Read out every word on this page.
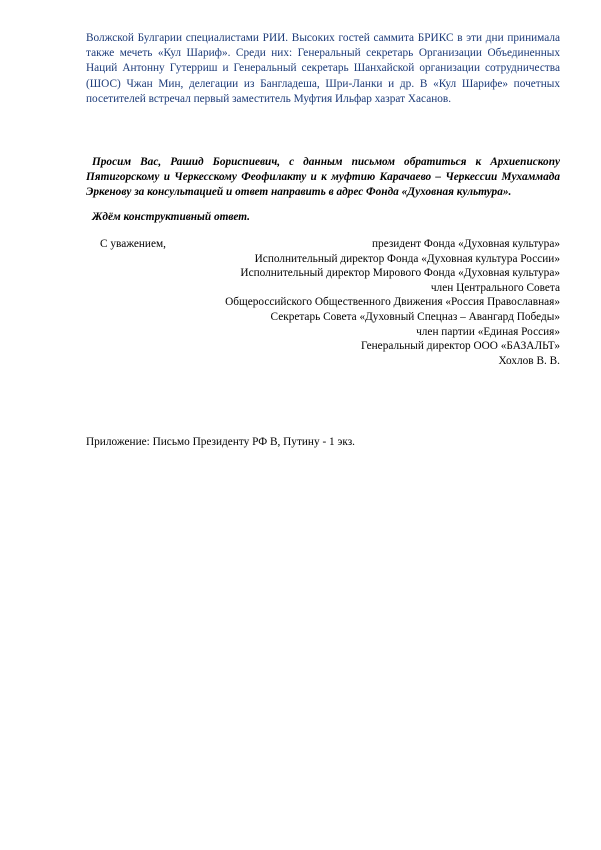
Волжской Булгарии специалистами РИИ. Высоких гостей саммита БРИКС в эти дни принимала также мечеть «Кул Шариф». Среди них: Генеральный секретарь Организации Объединенных Наций Антонну Гутерриш и Генеральный секретарь Шанхайской организации сотрудничества (ШОС) Чжан Мин, делегации из Бангладеша, Шри-Ланки и др. В «Кул Шарифе» почетных посетителей встречал первый заместитель Муфтия Ильфар хазрат Хасанов.

Просим Вас, Рашид Бориспиевич, с данным письмом обратиться к Архиепископу Пятигорскому и Черкесскому Феофилакту и к муфтию Карачаево – Черкессии Мухаммада Эркенову за консультацией и ответ направить в адрес Фонда «Духовная культура».

Ждём конструктивный ответ.

С уважением,	президент Фонда «Духовная культура»
Исполнительный директор Фонда «Духовная культура России»
Исполнительный директор Мирового Фонда «Духовная культура»
член Центрального Совета
Общероссийского Общественного Движения «Россия Православная»
Секретарь Совета «Духовный Спецназ – Авангард Победы»
член партии «Единая Россия»
Генеральный директор ООО «БАЗАЛЬТ»
Хохлов В. В.

Приложение: Письмо Президенту РФ В, Путину - 1 экз.
